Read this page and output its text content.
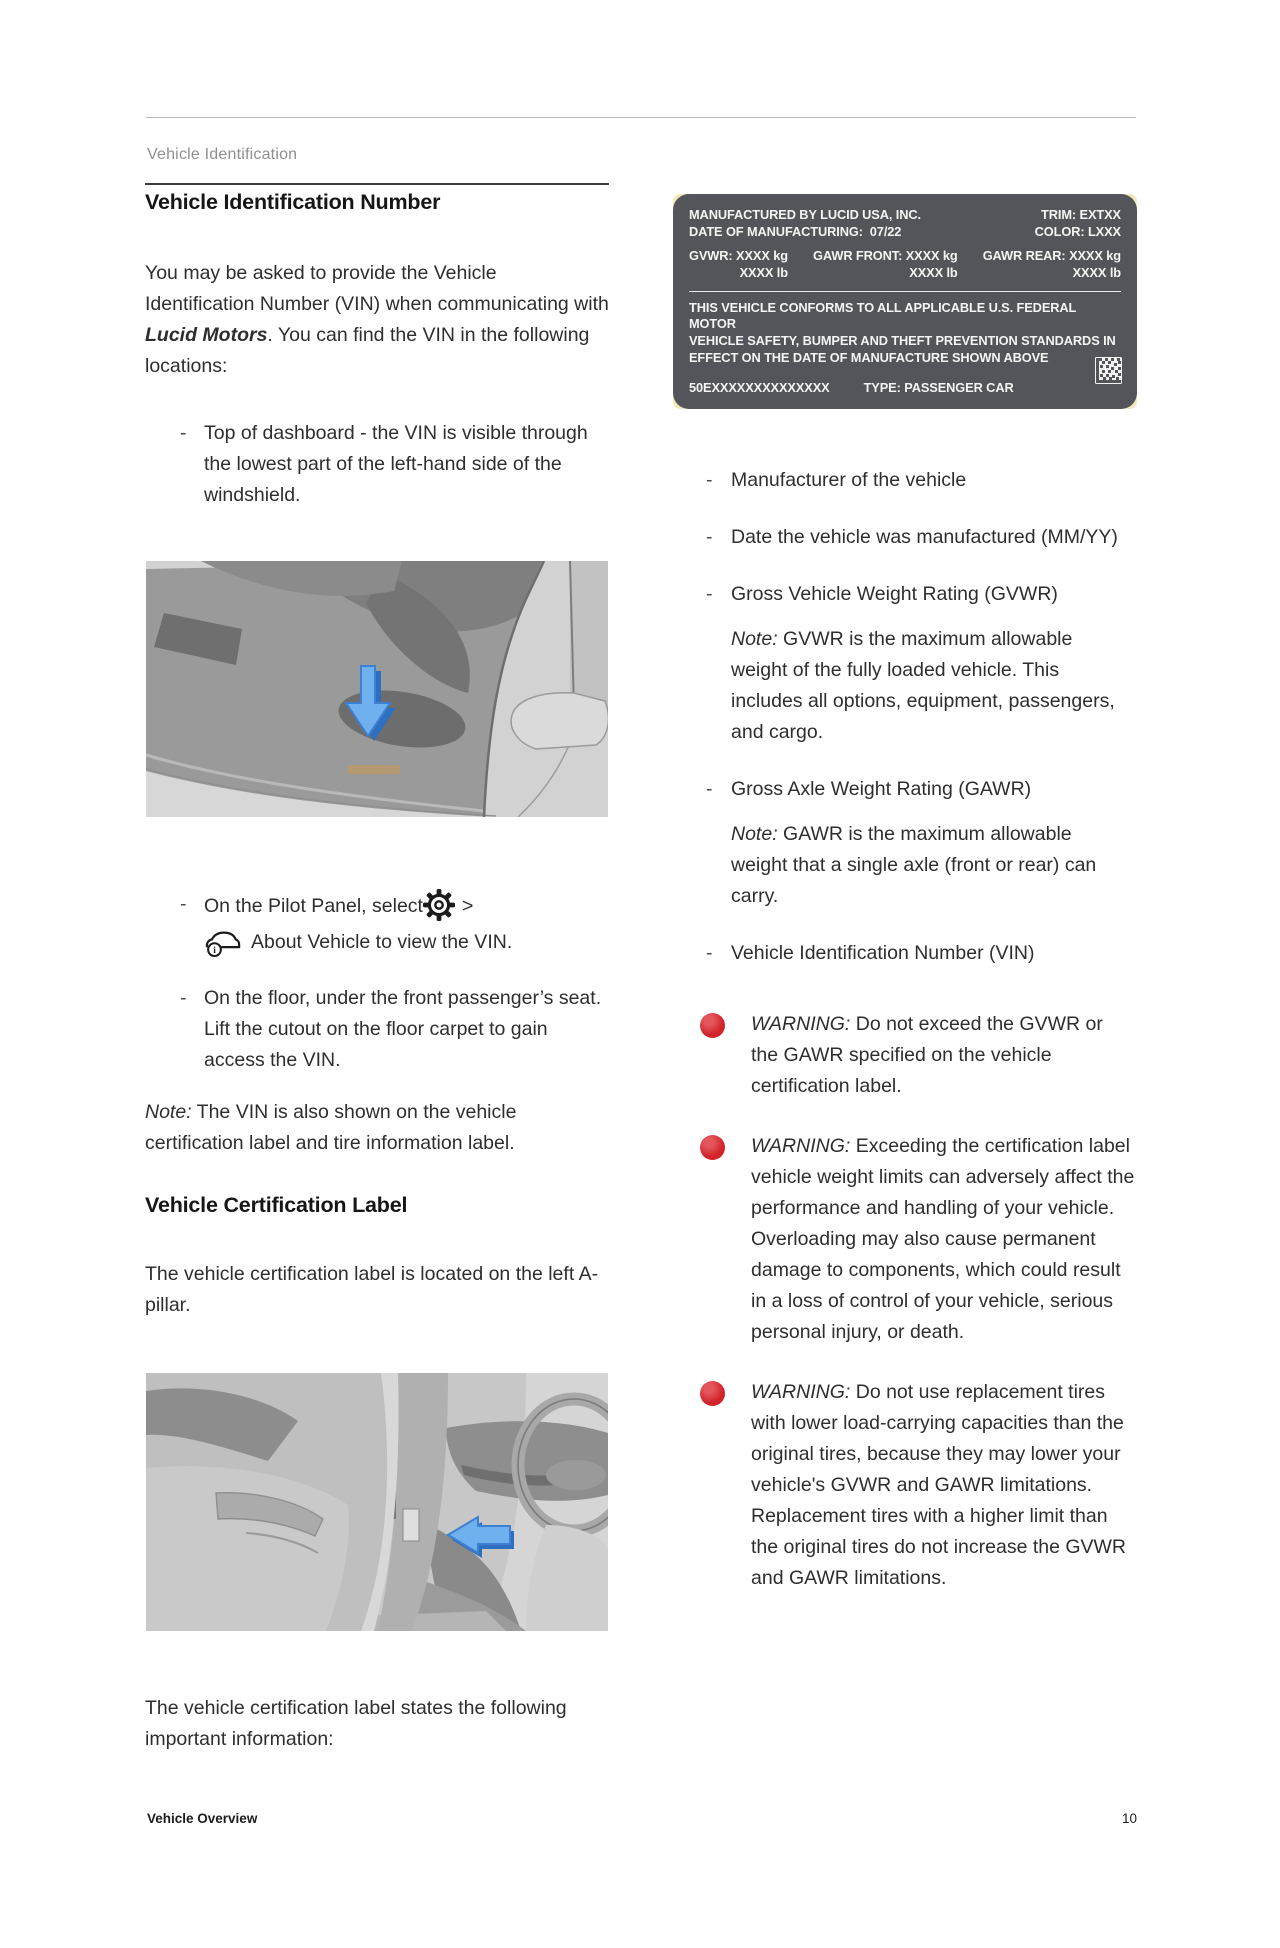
Vehicle Identification
Vehicle Identification Number

You may be asked to provide the Vehicle Identification Number (VIN) when communicating with Lucid Motors. You can find the VIN in the following locations:

- Top of dashboard - the VIN is visible through the lowest part of the left-hand side of the windshield.
- On the Pilot Panel, select >
i About Vehicle to view the VIN.
- On the floor, under the front passenger’s seat. Lift the cutout on the floor carpet to gain access the VIN.

Note: The VIN is also shown on the vehicle certification label and tire information label.

Vehicle Certification Label

The vehicle certification label is located on the left A-pillar.

The vehicle certification label states the following important information:

MANUFACTURED BY LUCID USA, INC.
DATE OF MANUFACTURING: 07/22
TRIM: EXTXX
COLOR: LXXX
GVWR: XXXX kg
XXXX lb
GAWR FRONT: XXXX kg
XXXX lb
GAWR REAR: XXXX kg
XXXX lb
THIS VEHICLE CONFORMS TO ALL APPLICABLE U.S. FEDERAL MOTOR
VEHICLE SAFETY, BUMPER AND THEFT PREVENTION STANDARDS IN
EFFECT ON THE DATE OF MANUFACTURE SHOWN ABOVE
50EXXXXXXXXXXXXXX	TYPE: PASSENGER CAR
- Manufacturer of the vehicle
- Date the vehicle was manufactured (MM/YY)
- Gross Vehicle Weight Rating (GVWR)
Note: GVWR is the maximum allowable weight of the fully loaded vehicle. This includes all options, equipment, passengers, and cargo.
- Gross Axle Weight Rating (GAWR)
Note: GAWR is the maximum allowable weight that a single axle (front or rear) can carry.
- Vehicle Identification Number (VIN)
WARNING: Do not exceed the GVWR or the GAWR specified on the vehicle certification label.
WARNING: Exceeding the certification label vehicle weight limits can adversely affect the performance and handling of your vehicle. Overloading may also cause permanent damage to components, which could result in a loss of control of your vehicle, serious personal injury, or death.
WARNING: Do not use replacement tires with lower load-carrying capacities than the original tires, because they may lower your vehicle's GVWR and GAWR limitations. Replacement tires with a higher limit than the original tires do not increase the GVWR and GAWR limitations.
Vehicle Overview	10
